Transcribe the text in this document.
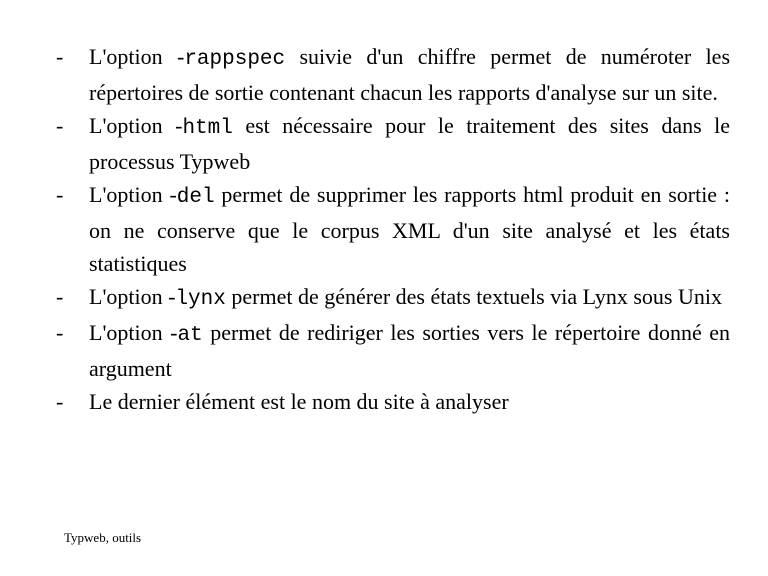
-	L'option -rappspec suivie d'un chiffre permet de numéroter les répertoires de sortie contenant chacun les rapports d'analyse sur un site.
-	L'option -html est nécessaire pour le traitement des sites dans le processus Typweb
-	L'option -del permet de supprimer les rapports html produit en sortie : on ne conserve que le corpus XML d'un site analysé et les états statistiques
-	L'option -lynx permet de générer des états textuels via Lynx sous Unix
-	L'option -at permet de rediriger les sorties vers le répertoire donné en argument
-	Le dernier élément est le nom du site à analyser
Typweb, outils
